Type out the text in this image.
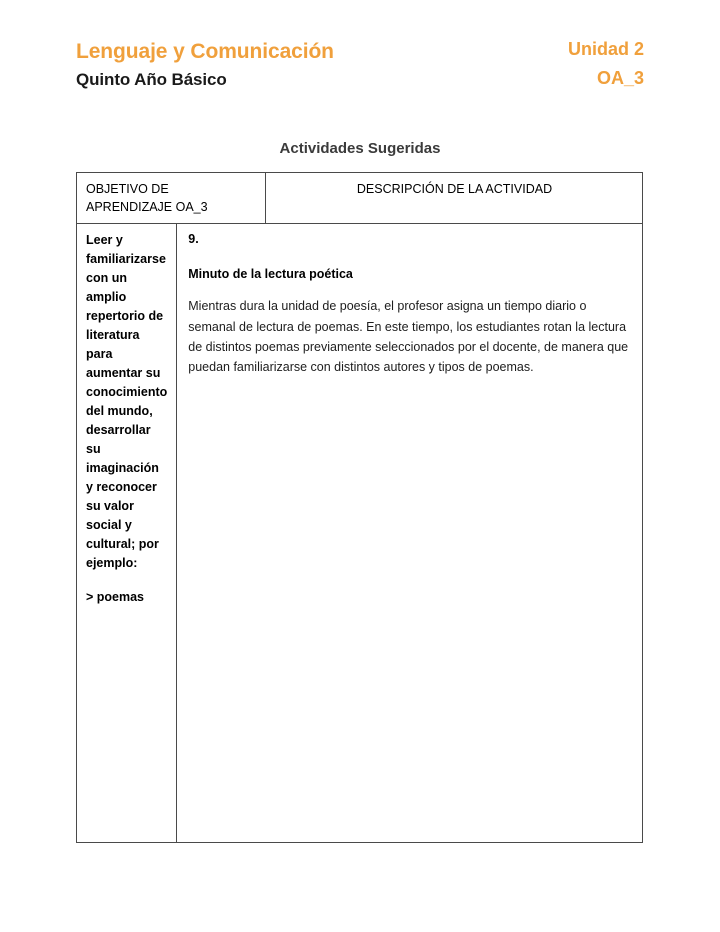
Lenguaje y Comunicación
Quinto Año Básico
Unidad 2
OA_3
Actividades Sugeridas
OBJETIVO DE APRENDIZAJE OA_3
DESCRIPCIÓN DE LA ACTIVIDAD
Leer y familiarizarse con un amplio repertorio de literatura para aumentar su conocimiento del mundo, desarrollar su imaginación y reconocer su valor social y cultural; por ejemplo:
> poemas
9.
Minuto de la lectura poética
Mientras dura la unidad de poesía, el profesor asigna un tiempo diario o semanal de lectura de poemas. En este tiempo, los estudiantes rotan la lectura de distintos poemas previamente seleccionados por el docente, de manera que puedan familiarizarse con distintos autores y tipos de poemas.
